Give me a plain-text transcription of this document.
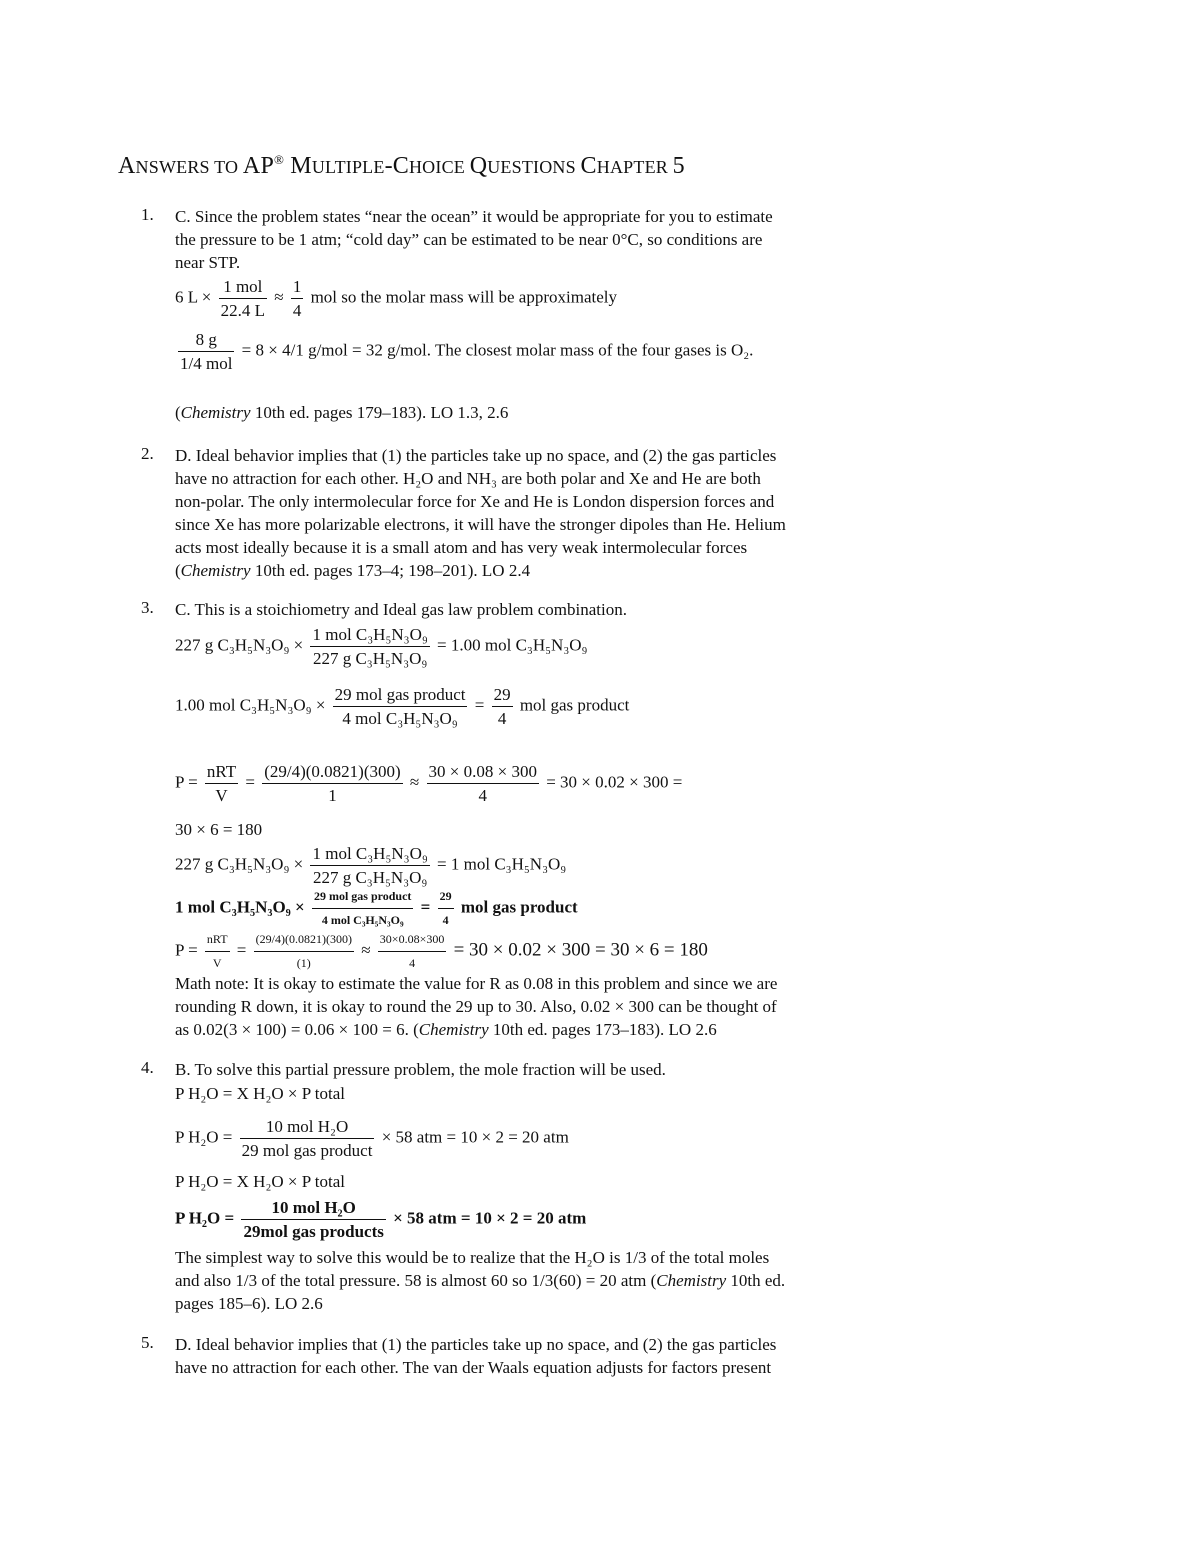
ANSWERS TO AP® MULTIPLE-CHOICE QUESTIONS CHAPTER 5
1. C. Since the problem states “near the ocean” it would be appropriate for you to estimate
the pressure to be 1 atm; “cold day” can be estimated to be near 0°C, so conditions are
near STP.
6 $L \times \frac{\text{1 mol}}{22.4 L} \approx \frac{1}{4}$ mol so the molar mass will be approximately
$\frac{8 g}{\text{1/4 mol}} = 8 \times 4/1$ g/mol = 32 g/mol. The closest molar mass of the four gases is O₂.
(Chemistry 10th ed. pages 179–183). LO 1.3, 2.6
2. D. Ideal behavior implies that (1) the particles take up no space, and (2) the gas particles
have no attraction for each other. H₂O and NH₃ are both polar and Xe and He are both
non-polar. The only intermolecular force for Xe and He is London dispersion forces and
since Xe has more polarizable electrons, it will have the stronger dipoles than He. Helium
acts most ideally because it is a small atom and has very weak intermolecular forces
(Chemistry 10th ed. pages 173–4; 198–201). LO 2.4
3. C. This is a stoichiometry and Ideal gas law problem combination.
227 g $C_3H_5N_3O_9 \times \frac{\text{1 mol C₃H₅N₃O₉}}{\text{227 g C₃H₅N₃O₉}} = 1.00$ mol C₃H₅N₃O₉
1.00 mol $C_3H_5N_3O_9 \times \frac{\text{29 mol gas product}}{\text{4 mol C₃H₅N₃O₉}} = \frac{29}{4}$ mol gas product
$P = \frac{\text{nRT}}{V} = \frac{(29/4)(0.0821)(300)}{1} \approx \frac{30 \times 0.08 \times 300}{4} = 30 \times 0.02 \times 300$ =
30 × 6 = 180
227 g $C_3H_5N_3O_9 \times \frac{\text{1 mol C₃H₅N₃O₉}}{\text{227 g C₃H₅N₃O₉}} = 1$ mol C₃H₅N₃O₉
1 mol $C_3H_5N_3O_9 \times \frac{\text{29 mol gas product}}{\text{4 mol C₃H₅N₃O₉}} = \frac{29}{4}$ mol gas product
$P = \frac{\text{nRT}}{V} = \frac{(29/4)(0.0821)(300)}{(1)} \approx \frac{30\times 0.08\times 300}{4} = 30 \times 0.02 \times 300 = 30 \times 6 = 180$
Math note: It is okay to estimate the value for R as 0.08 in this problem and since we are
rounding R down, it is okay to round the 29 up to 30. Also, 0.02 × 300 can be thought of
as 0.02(3 × 100) = 0.06 × 100 = 6. (Chemistry 10th ed. pages 173–183). LO 2.6
4. B. To solve this partial pressure problem, the mole fraction will be used.
P H₂O = X H₂O × P total
P $H_2O = \frac{\text{10 mol H₂O}}{\text{29 mol gas product}} \times 58$ atm = 10 × 2 = 20 atm
P H₂O = X H₂O × P total
P $H_2O = \frac{\text{10 mol H₂O}}{\text{29mol gas products}} \times 58$ atm = 10 × 2 = 20 atm
The simplest way to solve this would be to realize that the H₂O is 1/3 of the total moles
and also 1/3 of the total pressure. 58 is almost 60 so 1/3(60) = 20 atm (Chemistry 10th ed.
pages 185–6). LO 2.6
5. D. Ideal behavior implies that (1) the particles take up no space, and (2) the gas particles
have no attraction for each other. The van der Waals equation adjusts for factors present
